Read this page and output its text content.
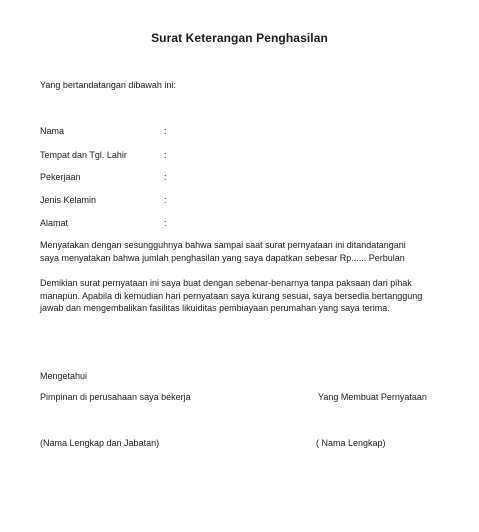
Surat Keterangan Penghasilan
Yang bertandatangan dibawah ini:
Nama	:
Tempat dan Tgl. Lahir	:
Pekerjaan	:
Jenis Kelamin	:
Alamat	:
Menyatakan dengan sesungguhnya bahwa sampai saat surat pernyataan ini ditandatangani
saya menyatakan bahwa jumlah penghasilan yang saya dapatkan sebesar Rp...... Perbulan
Demikian surat pernyataan ini saya buat dengan sebenar-benarnya tanpa paksaan dari pihak
manapun. Apabila di kemudian hari pernyataan saya kurang sesuai, saya bersedia bertanggung
jawab dan mengembalikan fasilitas likuiditas pembiayaan perumahan yang saya terima.
Mengetahui
Pimpinan di perusahaan saya bekerja	Yang Membuat Pernyataan
(Nama Lengkap dan Jabatan)	( Nama Lengkap)
